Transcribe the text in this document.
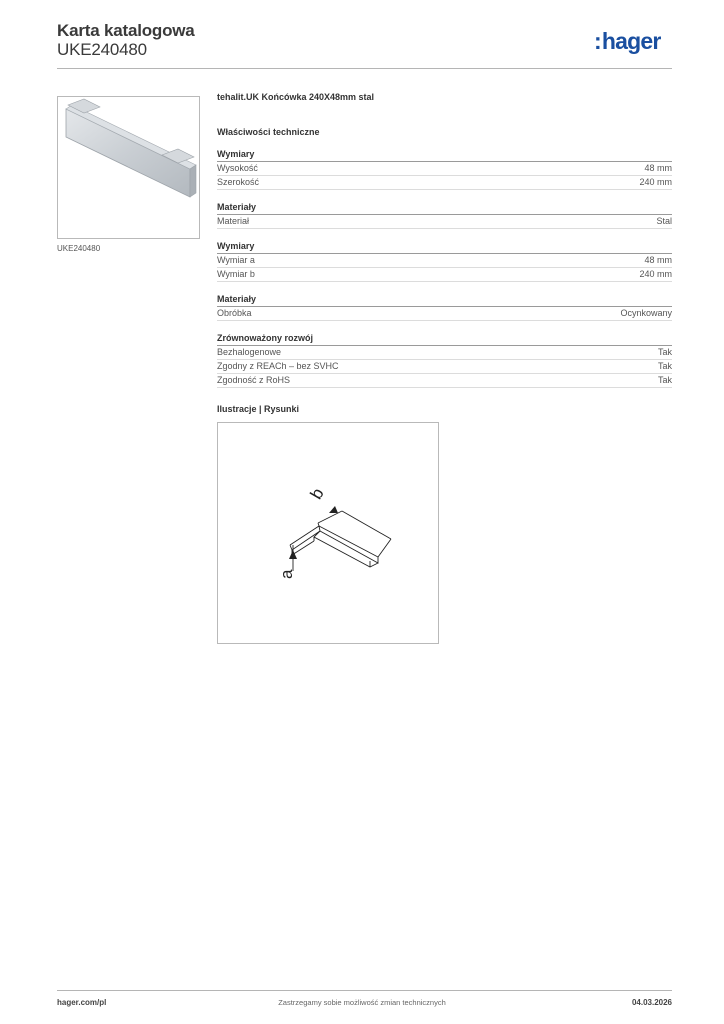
Karta katalogowa
UKE240480	:hager
UKE240480
tehalit.UK Końcówka 240X48mm stal
Właściwości techniczne
Wymiary
Wysokość	48 mm
Szerokość	240 mm
Materiały
Materiał	Stal
Wymiary
Wymiar a	48 mm
Wymiar b	240 mm
Materiały
Obróbka	Ocynkowany
Zrównoważony rozwój
Bezhalogenowe	Tak
Zgodny z REACh – bez SVHC	Tak
Zgodność z RoHS	Tak
Ilustracje | Rysunki
b
a
hager.com/pl	Zastrzegamy sobie możliwość zmian technicznych	04.03.2026
